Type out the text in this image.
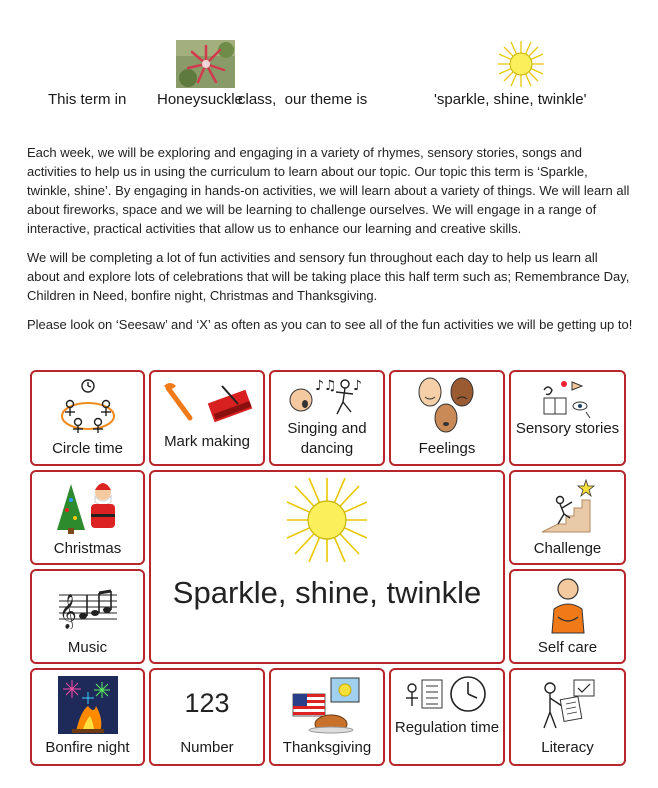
This term in Honeysuckle
class,  our theme is	'sparkle, shine, twinkle'

Each week, we will be exploring and engaging in a variety of rhymes, sensory stories, songs and activities to help us in using the curriculum to learn about our topic. Our topic this term is ‘Sparkle, twinkle, shine’. By engaging in hands-on activities, we will learn about a variety of things. We will learn all about fireworks, space and we will be learning to challenge ourselves. We will engage in a range of interactive, practical activities that allow us to enhance our learning and creative skills.

We will be completing a lot of fun activities and sensory fun throughout each day to help us learn all about and explore lots of celebrations that will be taking place this half term such as; Remembrance Day, Children in Need, bonfire night, Christmas and Thanksgiving.

Please look on ‘Seesaw’ and ‘X’ as often as you can to see all of the fun activities we will be getting up to!

Circle time	Mark making
♪♫ ♪
Singing and dancing	Feelings
Sensory stories
Christmas	Challenge
Sparkle, shine, twinkle
𝄞
Music	Self care
Bonfire night
123
Number	Thanksgiving
Regulation time
Literacy
